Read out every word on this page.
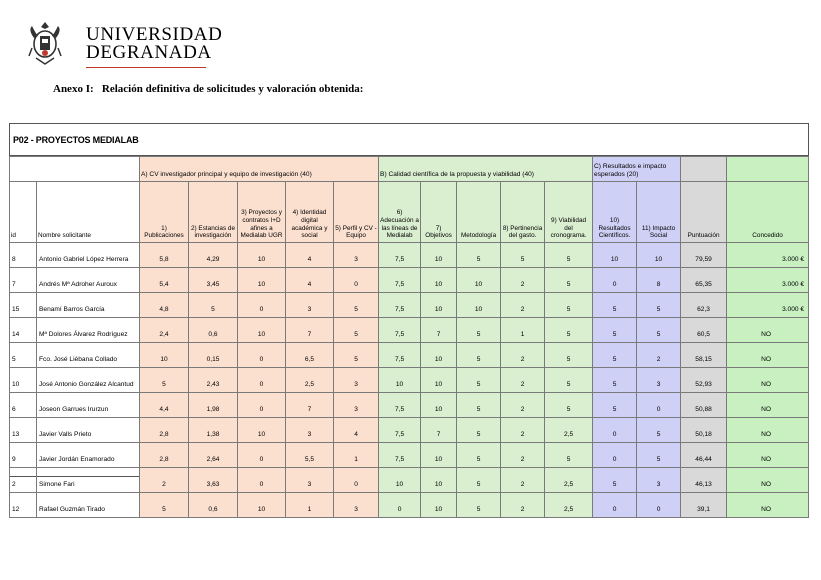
UNIVERSIDAD
DEGRANADA
Anexo I:   Relación definitiva de solicitudes y valoración obtenida:
P02 - PROYECTOS MEDIALAB
		A) CV investigador principal y equipo de investigación (40)					B) Calidad científica de la propuesta y viabilidad (40)					C) Resultados e impacto esperados (20)			
id	Nombre solicitante	1) Publicaciones	2) Estancias de investigación	3) Proyectos y contratos I+D afines a Medialab UGR	4) Identidad digital académica y social	5) Perfil y CV - Equipo	6) Adecuación a las líneas de Medialab	7) Objetivos	Metodología	8) Pertinencia del gasto.	9) Viabilidad del cronograma.	10) Resultados Científicos.	11) Impacto Social	Puntuación	Concedido
8	Antonio Gabriel López Herrera	5,8	4,29	10	4	3	7,5	10	5	5	5	10	10	79,59	3.000 €
7	Andrés Mª Adroher Auroux	5,4	3,45	10	4	0	7,5	10	10	2	5	0	8	65,35	3.000 €
15	Benamí Barros García	4,8	5	0	3	5	7,5	10	10	2	5	5	5	62,3	3.000 €
14	Mª Dolores Álvarez Rodríguez	2,4	0,6	10	7	5	7,5	7	5	1	5	5	5	60,5	NO
5	Fco. José Liébana Collado	10	0,15	0	6,5	5	7,5	10	5	2	5	5	2	58,15	NO
10	José Antonio González Alcantud	5	2,43	0	2,5	3	10	10	5	2	5	5	3	52,93	NO
6	Joseon Garrues Irurzun	4,4	1,98	0	7	3	7,5	10	5	2	5	5	0	50,88	NO
13	Javier Valls Prieto	2,8	1,38	10	3	4	7,5	7	5	2	2,5	0	5	50,18	NO
9	Javier Jordán Enamorado	2,8	2,64	0	5,5	1	7,5	10	5	2	5	0	5	46,44	NO
2	Simone Fari	2	3,63	0	3	0	10	10	5	2	2,5	5	3	46,13	NO
12	Rafael Guzmán Tirado	5	0,6	10	1	3	0	10	5	2	2,5	0	0	39,1	NO
